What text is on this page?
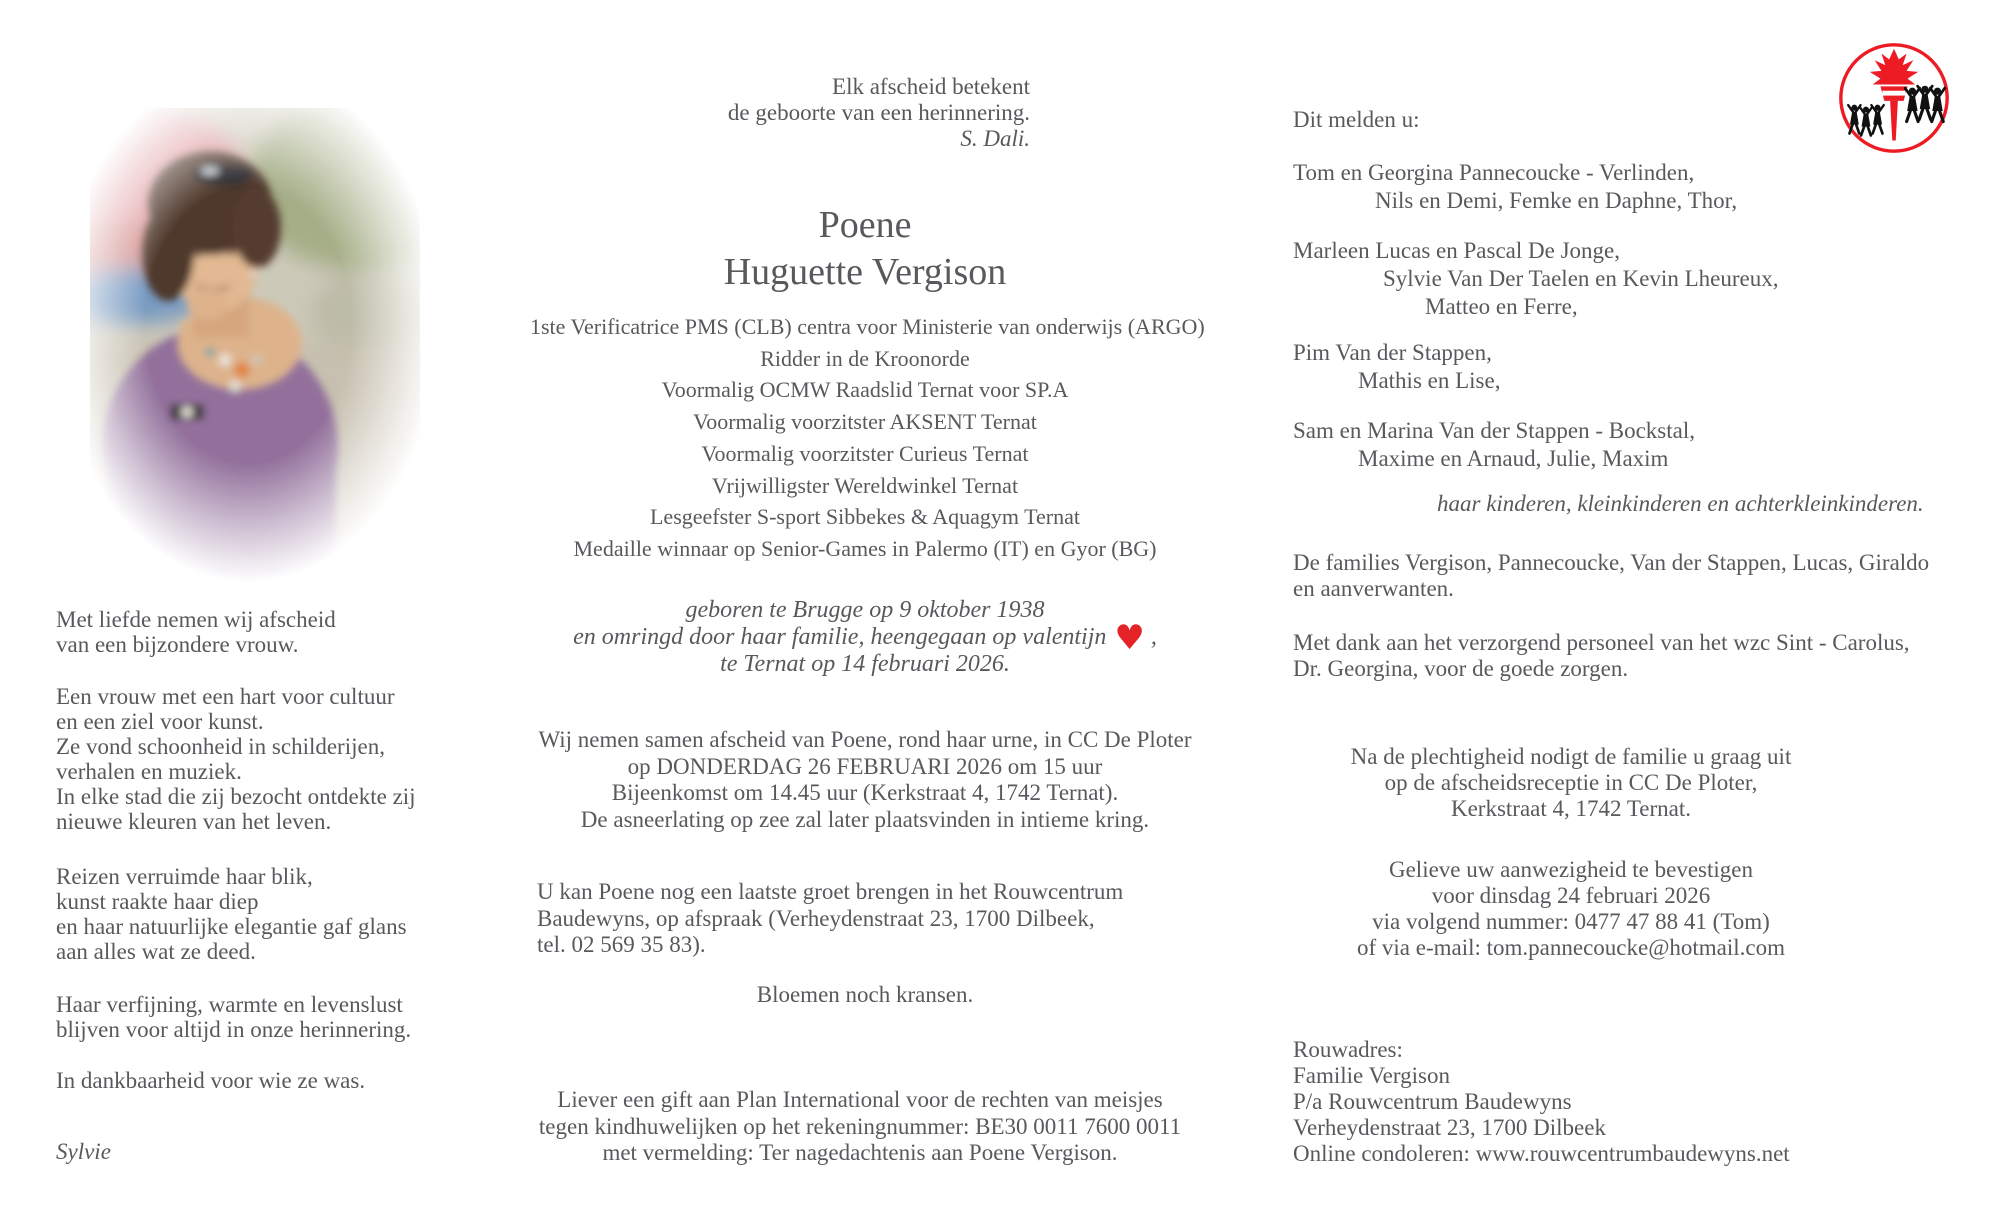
Met liefde nemen wij afscheid
van een bijzondere vrouw.
Een vrouw met een hart voor cultuur
en een ziel voor kunst.
Ze vond schoonheid in schilderijen,
verhalen en muziek.
In elke stad die zij bezocht ontdekte zij
nieuwe kleuren van het leven.
Reizen verruimde haar blik,
kunst raakte haar diep
en haar natuurlijke elegantie gaf glans
aan alles wat ze deed.
Haar verfijning, warmte en levenslust
blijven voor altijd in onze herinnering.
In dankbaarheid voor wie ze was.
Sylvie
Elk afscheid betekent
de geboorte van een herinnering.
S. Dali.
Poene
Huguette Vergison
1ste Verificatrice PMS (CLB) centra voor Ministerie van onderwijs (ARGO)
Ridder in de Kroonorde
Voormalig OCMW Raadslid Ternat voor SP.A
Voormalig voorzitster AKSENT Ternat
Voormalig voorzitster Curieus Ternat
Vrijwilligster Wereldwinkel Ternat
Lesgeefster S-sport Sibbekes & Aquagym Ternat
Medaille winnaar op Senior-Games in Palermo (IT) en Gyor (BG)
geboren te Brugge op 9 oktober 1938
en omringd door haar familie, heengegaan op valentijn ♥ ,
te Ternat op 14 februari 2026.
Wij nemen samen afscheid van Poene, rond haar urne, in CC De Ploter
op DONDERDAG 26 FEBRUARI 2026 om 15 uur
Bijeenkomst om 14.45 uur (Kerkstraat 4, 1742 Ternat).
De asneerlating op zee zal later plaatsvinden in intieme kring.
U kan Poene nog een laatste groet brengen in het Rouwcentrum
Baudewyns, op afspraak (Verheydenstraat 23, 1700 Dilbeek,
tel. 02 569 35 83).
Bloemen noch kransen.
Liever een gift aan Plan International voor de rechten van meisjes
tegen kindhuwelijken op het rekeningnummer: BE30 0011 7600 0011
met vermelding: Ter nagedachtenis aan Poene Vergison.
Dit melden u:
Tom en Georgina Pannecoucke - Verlinden,
Nils en Demi, Femke en Daphne, Thor,
Marleen Lucas en Pascal De Jonge,
Sylvie Van Der Taelen en Kevin Lheureux,
Matteo en Ferre,
Pim Van der Stappen,
Mathis en Lise,
Sam en Marina Van der Stappen - Bockstal,
Maxime en Arnaud, Julie, Maxim
haar kinderen, kleinkinderen en achterkleinkinderen.
De families Vergison, Pannecoucke, Van der Stappen, Lucas, Giraldo
en aanverwanten.
Met dank aan het verzorgend personeel van het wzc Sint - Carolus,
Dr. Georgina, voor de goede zorgen.
Na de plechtigheid nodigt de familie u graag uit
op de afscheidsreceptie in CC De Ploter,
Kerkstraat 4, 1742 Ternat.
Gelieve uw aanwezigheid te bevestigen
voor dinsdag 24 februari 2026
via volgend nummer: 0477 47 88 41 (Tom)
of via e-mail: tom.pannecoucke@hotmail.com
Rouwadres:
Familie Vergison
P/a Rouwcentrum Baudewyns
Verheydenstraat 23, 1700 Dilbeek
Online condoleren: www.rouwcentrumbaudewyns.net
